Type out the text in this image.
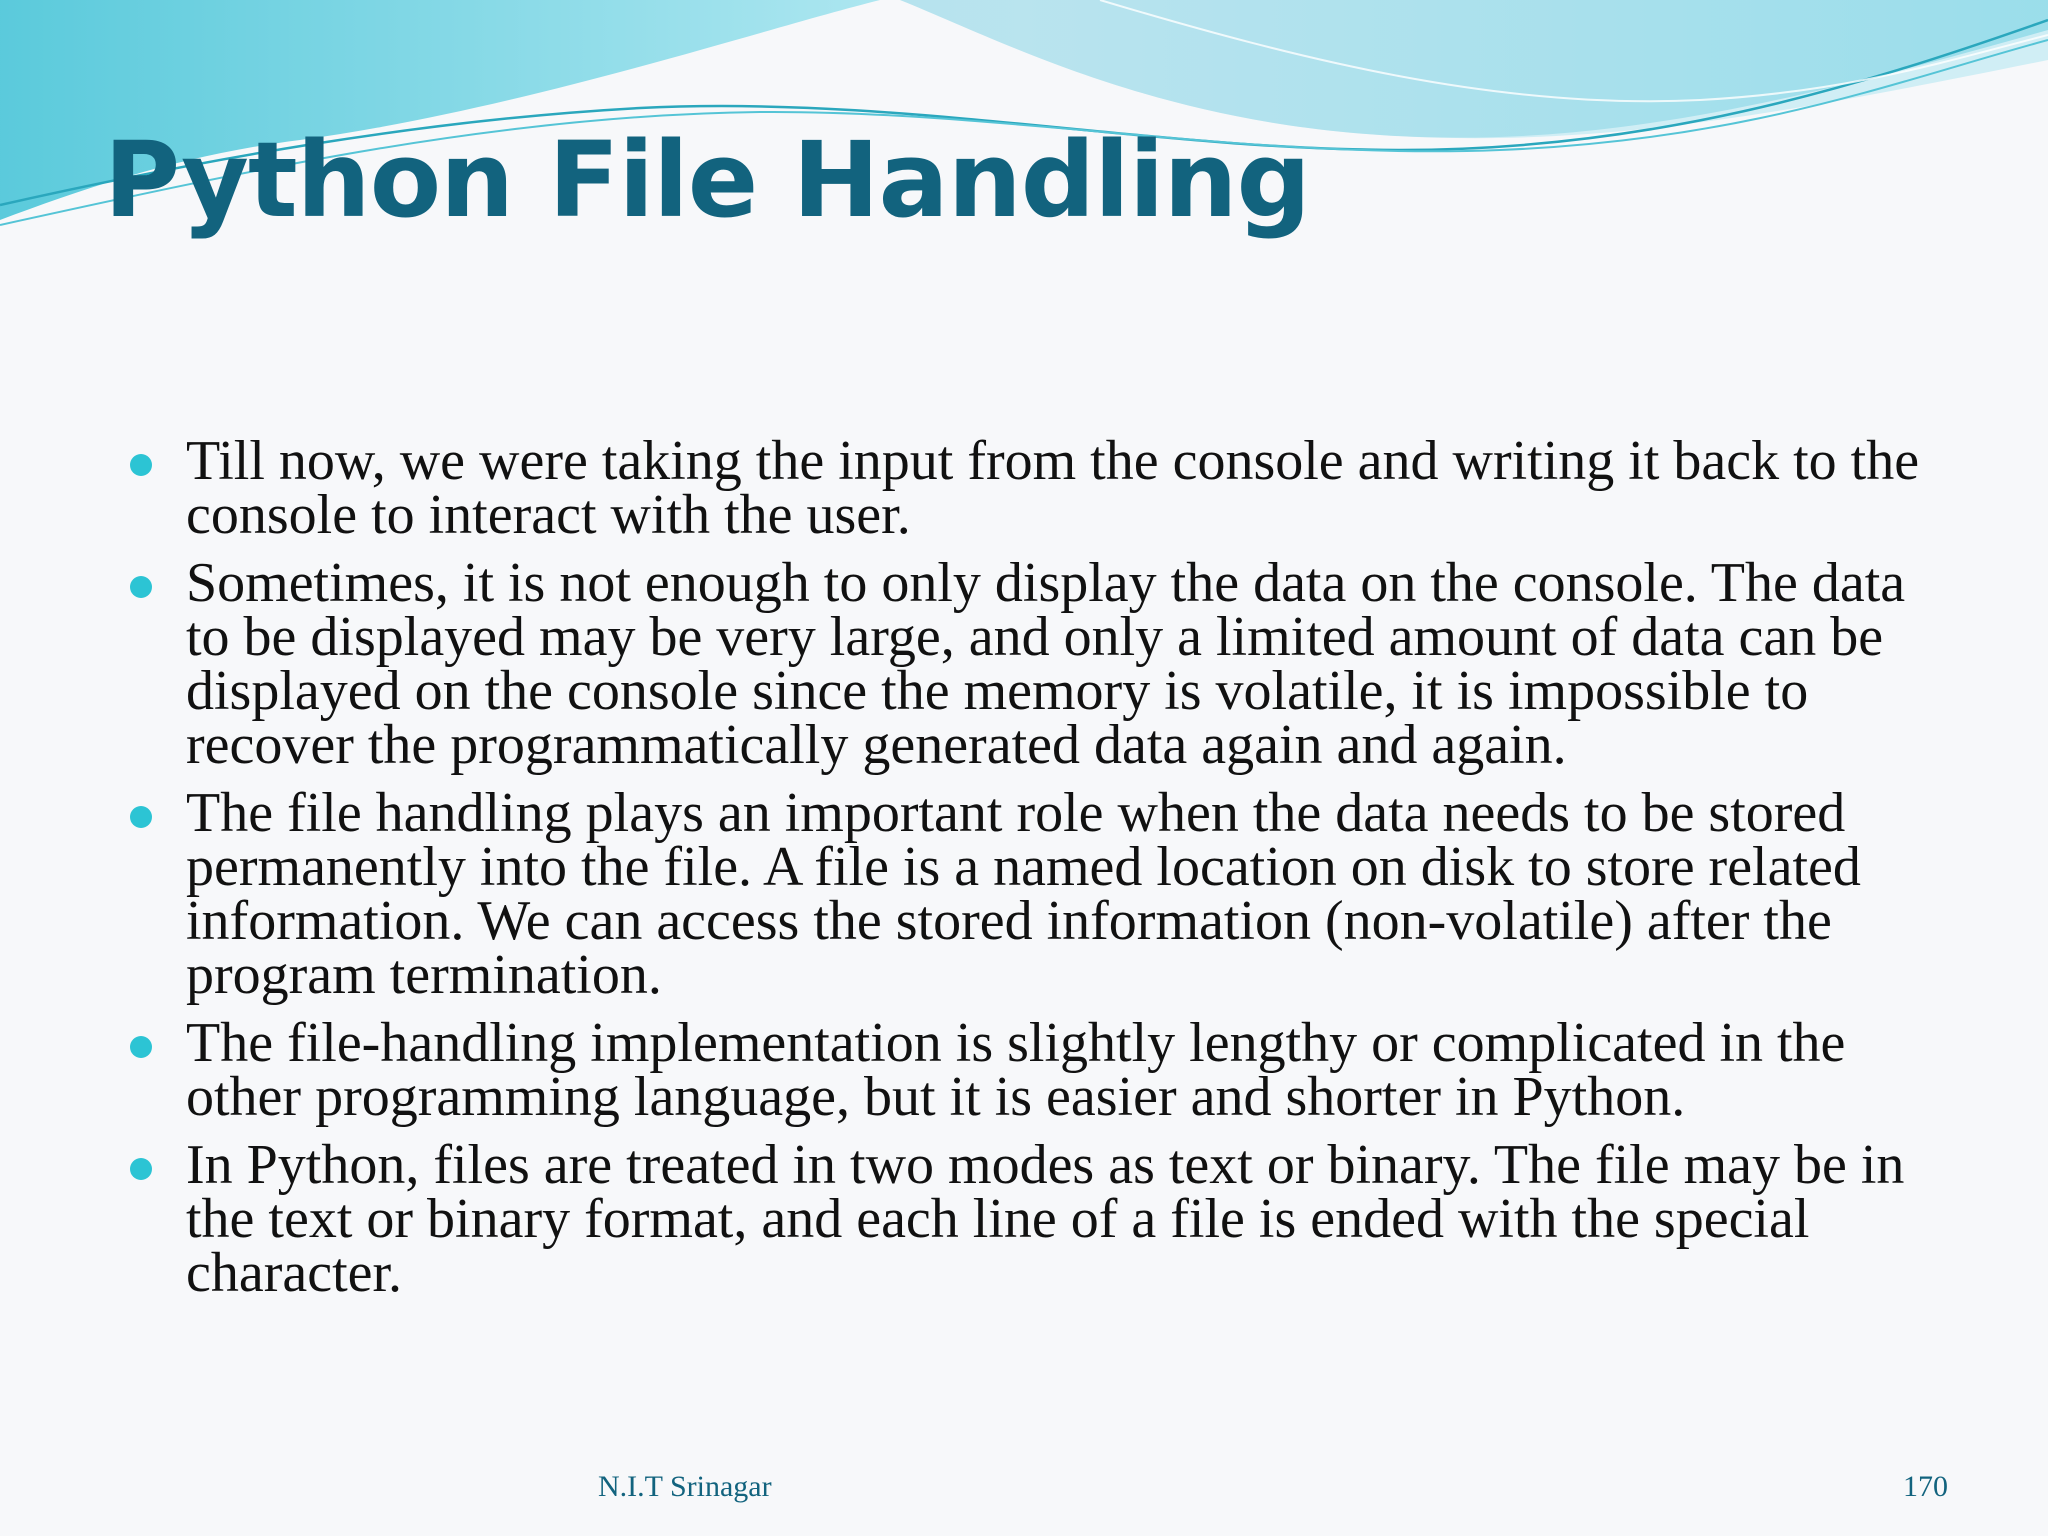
Python File Handling
Till now, we were taking the input from the console and writing it back to the console to interact with the user.
Sometimes, it is not enough to only display the data on the console. The data to be displayed may be very large, and only a limited amount of data can be displayed on the console since the memory is volatile, it is impossible to recover the programmatically generated data again and again.
The file handling plays an important role when the data needs to be stored permanently into the file. A file is a named location on disk to store related information. We can access the stored information (non-volatile) after the program termination.
The file-handling implementation is slightly lengthy or complicated in the other programming language, but it is easier and shorter in Python.
In Python, files are treated in two modes as text or binary. The file may be in the text or binary format, and each line of a file is ended with the special character.
N.I.T Srinagar	170
